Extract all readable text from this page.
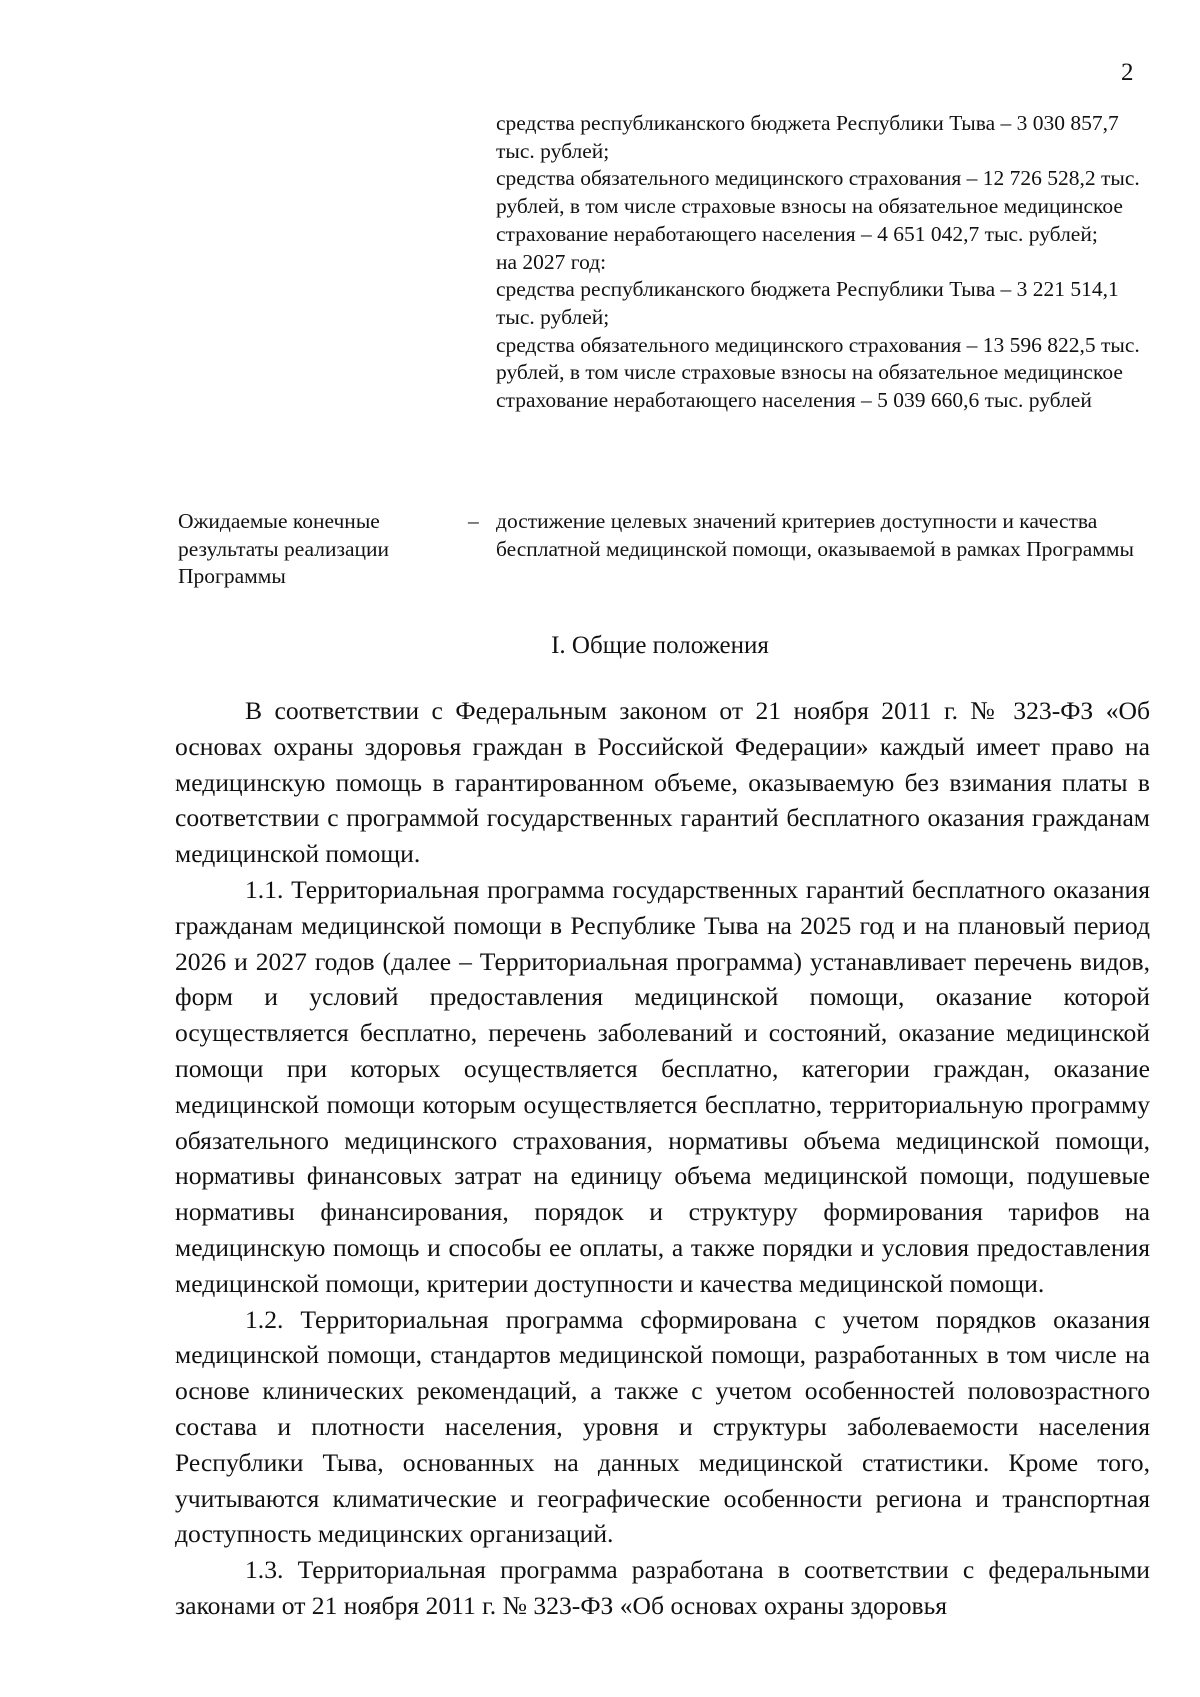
2

средства республиканского бюджета Республики Тыва – 3 030 857,7 тыс. рублей;

средства обязательного медицинского страхования – 12 726 528,2 тыс. рублей, в том числе страховые взносы на обязательное медицинское страхование неработающего населения – 4 651 042,7 тыс. рублей;

на 2027 год:

средства республиканского бюджета Республики Тыва – 3 221 514,1 тыс. рублей;

средства обязательного медицинского страхования – 13 596 822,5 тыс. рублей, в том числе страховые взносы на обязательное медицинское страхование неработающего населения – 5 039 660,6 тыс. рублей

Ожидаемые конечные результаты реализации Программы
– достижение целевых значений критериев доступности и качества бесплатной медицинской помощи, оказываемой в рамках Программы
I. Общие положения

В соответствии с Федеральным законом от 21 ноября 2011 г. № 323-ФЗ «Об основах охраны здоровья граждан в Российской Федерации» каждый имеет право на медицинскую помощь в гарантированном объеме, оказываемую без взимания платы в соответствии с программой государственных гарантий бесплатного оказания гражданам медицинской помощи.

1.1. Территориальная программа государственных гарантий бесплатного оказания гражданам медицинской помощи в Республике Тыва на 2025 год и на плановый период 2026 и 2027 годов (далее – Территориальная программа) устанавливает перечень видов, форм и условий предоставления медицинской помощи, оказание которой осуществляется бесплатно, перечень заболеваний и состояний, оказание медицинской помощи при которых осуществляется бесплатно, категории граждан, оказание медицинской помощи которым осуществляется бесплатно, территориальную программу обязательного медицинского страхования, нормативы объема медицинской помощи, нормативы финансовых затрат на единицу объема медицинской помощи, подушевые нормативы финансирования, порядок и структуру формирования тарифов на медицинскую помощь и способы ее оплаты, а также порядки и условия предоставления медицинской помощи, критерии доступности и качества медицинской помощи.

1.2. Территориальная программа сформирована с учетом порядков оказания медицинской помощи, стандартов медицинской помощи, разработанных в том числе на основе клинических рекомендаций, а также с учетом особенностей половозрастного состава и плотности населения, уровня и структуры заболеваемости населения Республики Тыва, основанных на данных медицинской статистики. Кроме того, учитываются климатические и географические особенности региона и транспортная доступность медицинских организаций.

1.3. Территориальная программа разработана в соответствии с федеральными законами от 21 ноября 2011 г. № 323-ФЗ «Об основах охраны здоровья
